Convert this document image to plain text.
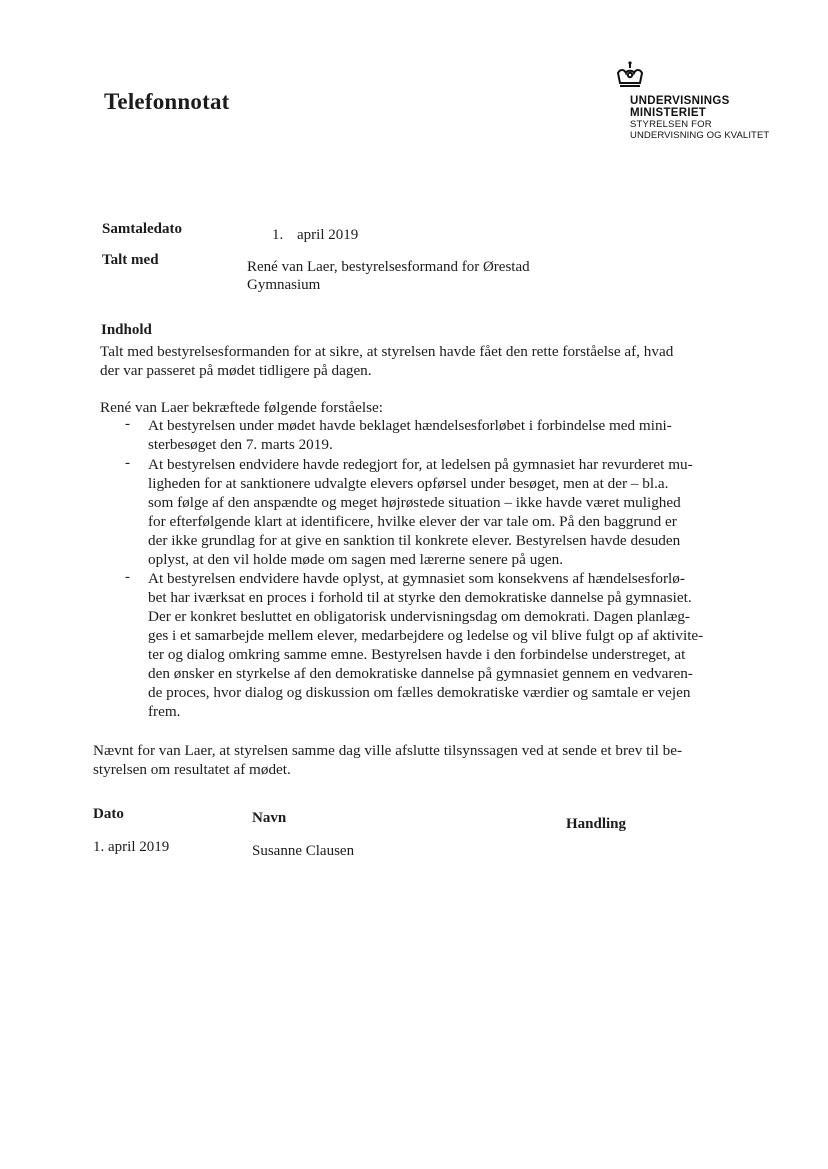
Telefonnotat	UNDERVISNINGS
MINISTERIET
STYRELSEN FOR
UNDERVISNING OG KVALITET
Samtaledato	1. april 2019
Talt med	René van Laer, bestyrelsesformand for Ørestad
Gymnasium
Indhold
Talt med bestyrelsesformanden for at sikre, at styrelsen havde fået den rette forståelse af, hvad
der var passeret på mødet tidligere på dagen.
René van Laer bekræftede følgende forståelse:
- At bestyrelsen under mødet havde beklaget hændelsesforløbet i forbindelse med mini-
sterbesøget den 7. marts 2019.
- At bestyrelsen endvidere havde redegjort for, at ledelsen på gymnasiet har revurderet mu-
ligheden for at sanktionere udvalgte elevers opførsel under besøget, men at der – bl.a.
som følge af den anspændte og meget højrøstede situation – ikke havde været mulighed
for efterfølgende klart at identificere, hvilke elever der var tale om. På den baggrund er
der ikke grundlag for at give en sanktion til konkrete elever. Bestyrelsen havde desuden
oplyst, at den vil holde møde om sagen med lærerne senere på ugen.
- At bestyrelsen endvidere havde oplyst, at gymnasiet som konsekvens af hændelsesforlø-
bet har iværksat en proces i forhold til at styrke den demokratiske dannelse på gymnasiet.
Der er konkret besluttet en obligatorisk undervisningsdag om demokrati. Dagen planlæg-
ges i et samarbejde mellem elever, medarbejdere og ledelse og vil blive fulgt op af aktivite-
ter og dialog omkring samme emne. Bestyrelsen havde i den forbindelse understreget, at
den ønsker en styrkelse af den demokratiske dannelse på gymnasiet gennem en vedvaren-
de proces, hvor dialog og diskussion om fælles demokratiske værdier og samtale er vejen
frem.
Nævnt for van Laer, at styrelsen samme dag ville afslutte tilsynssagen ved at sende et brev til be-
styrelsen om resultatet af mødet.
Dato	Navn	Handling
1. april 2019	Susanne Clausen
